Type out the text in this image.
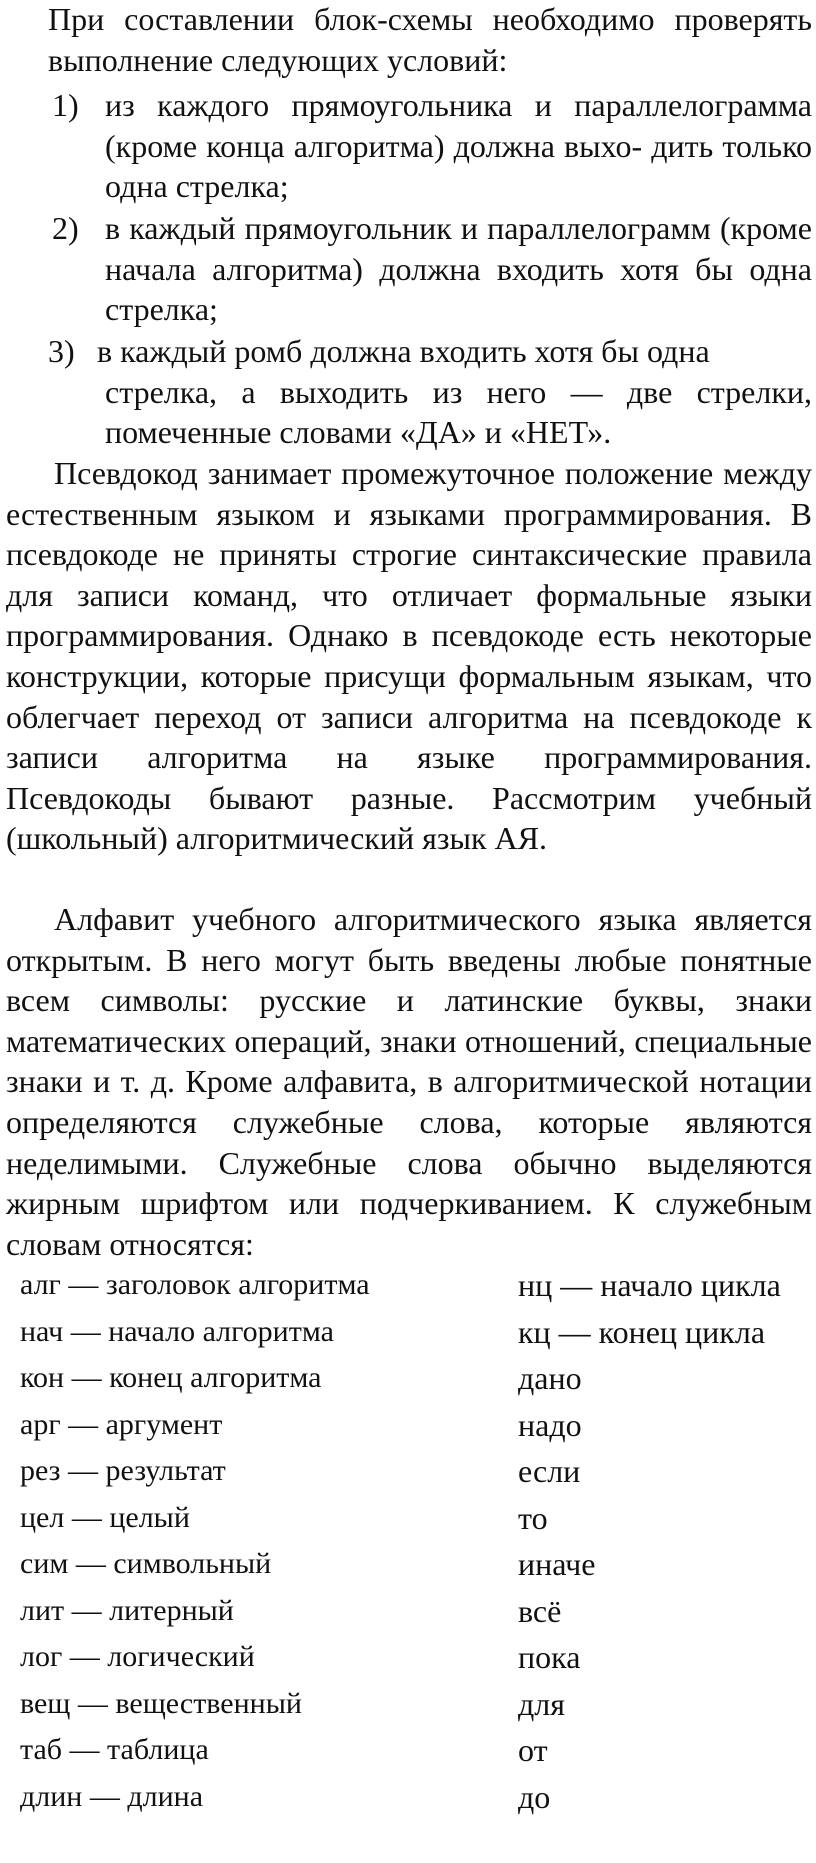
При составлении блок-схемы необходимо проверять выполнение следующих условий:
1) из каждого прямоугольника и параллелограмма (кроме конца алгоритма) должна выхо- дить только одна стрелка;
2) в каждый прямоугольник и параллелограмм (кроме начала алгоритма) должна входить хотя бы одна стрелка;
3) в каждый ромб должна входить хотя бы одна
стрелка, а выходить из него — две стрелки, помеченные словами «ДА» и «НЕТ».
Псевдокод занимает промежуточное положение между естественным языком и языками программирования. В псевдокоде не приняты строгие синтаксические правила для записи команд, что отличает формальные языки программирования. Однако в псевдокоде есть некоторые конструкции, которые присущи формальным языкам, что облегчает переход от записи алгоритма на псевдокоде к записи алгоритма на языке программирования. Псевдокоды бывают разные. Рассмотрим учебный (школьный) алгоритмический язык АЯ.
Алфавит учебного алгоритмического языка является открытым. В него могут быть введены любые понятные всем символы: русские и латинские буквы, знаки математических операций, знаки отношений, специальные знаки и т. д. Кроме алфавита, в алгоритмической нотации определяются служебные слова, которые являются неделимыми. Служебные слова обычно выделяются жирным шрифтом или подчеркиванием. К служебным словам относятся:
алг — заголовок алгоритма
нач — начало алгоритма
кон — конец алгоритма
арг — аргумент
рез — результат
цел — целый
сим — символьный
лит — литерный
лог — логический
вещ — вещественный
таб — таблица
длин — длина
нц — начало цикла
кц — конец цикла
дано
надо
если
то
иначе
всё
пока
для
от
до
